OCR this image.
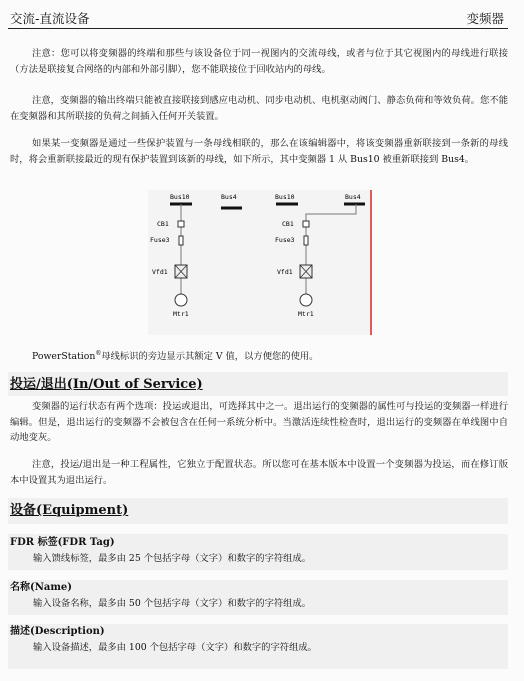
交流-直流设备	变频器

注意：您可以将变频器的终端和那些与该设备位于同一视图内的交流母线，或者与位于其它视图内的母线进行联接（方法是联接复合网络的内部和外部引脚），您不能联接位于回收站内的母线。

注意，变频器的输出终端只能被直接联接到感应电动机、同步电动机、电机驱动阀门、静态负荷和等效负荷。您不能在变频器和其所联接的负荷之间插入任何开关装置。

如果某一变频器是通过一些保护装置与一条母线相联的，那么在该编辑器中，将该变频器重新联接到一条新的母线时，将会重新联接最近的现有保护装置到该新的母线，如下所示，其中变频器 1 从 Bus10 被重新联接到 Bus4。

Bus10	Bus4
CB1
Fuse3
Vfd1
Mtr1
Bus10	Bus4
CB1
Fuse3
Vfd1
Mtr1

PowerStation®母线标识的旁边显示其额定 V 值，以方便您的使用。

投运/退出(In/Out of Service)

变频器的运行状态有两个选项：投运或退出，可选择其中之一。退出运行的变频器的属性可与投运的变频器一样进行编辑。但是，退出运行的变频器不会被包含在任何一系统分析中。当激活连续性检查时，退出运行的变频器在单线图中自动地变灰。

注意，投运/退出是一种工程属性，它独立于配置状态。所以您可在基本版本中设置一个变频器为投运，而在修订版本中设置其为退出运行。

设备(Equipment)

FDR 标签(FDR Tag)

输入馈线标签，最多由 25 个包括字母（文字）和数字的字符组成。

名称(Name)

输入设备名称，最多由 50 个包括字母（文字）和数字的字符组成。

描述(Description)

输入设备描述，最多由 100 个包括字母（文字）和数字的字符组成。
